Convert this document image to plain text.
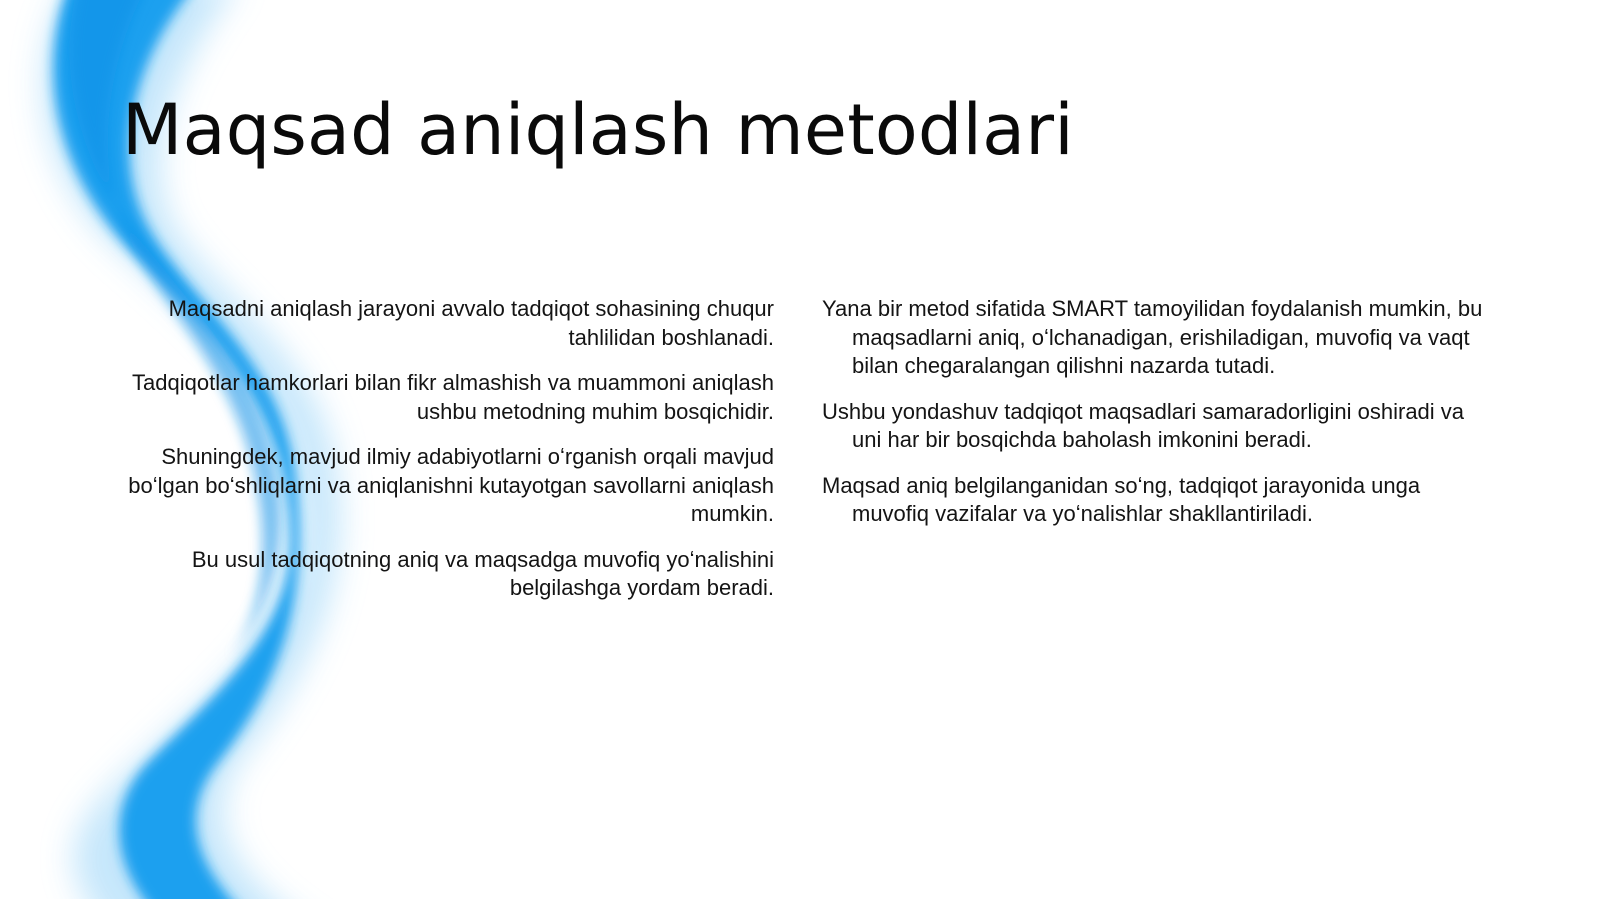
Maqsad aniqlash metodlari

Maqsadni aniqlash jarayoni avvalo tadqiqot sohasining chuqur tahlilidan boshlanadi.

Tadqiqotlar hamkorlari bilan fikr almashish va muammoni aniqlash ushbu metodning muhim bosqichidir.

Shuningdek, mavjud ilmiy adabiyotlarni oʻrganish orqali mavjud boʻlgan boʻshliqlarni va aniqlanishni kutayotgan savollarni aniqlash mumkin.

Bu usul tadqiqotning aniq va maqsadga muvofiq yoʻnalishini belgilashga yordam beradi.

Yana bir metod sifatida SMART tamoyilidan foydalanish mumkin, bu maqsadlarni aniq, oʻlchanadigan, erishiladigan, muvofiq va vaqt bilan chegaralangan qilishni nazarda tutadi.

Ushbu yondashuv tadqiqot maqsadlari samaradorligini oshiradi va uni har bir bosqichda baholash imkonini beradi.

Maqsad aniq belgilanganidan soʻng, tadqiqot jarayonida unga muvofiq vazifalar va yoʻnalishlar shakllantiriladi.
